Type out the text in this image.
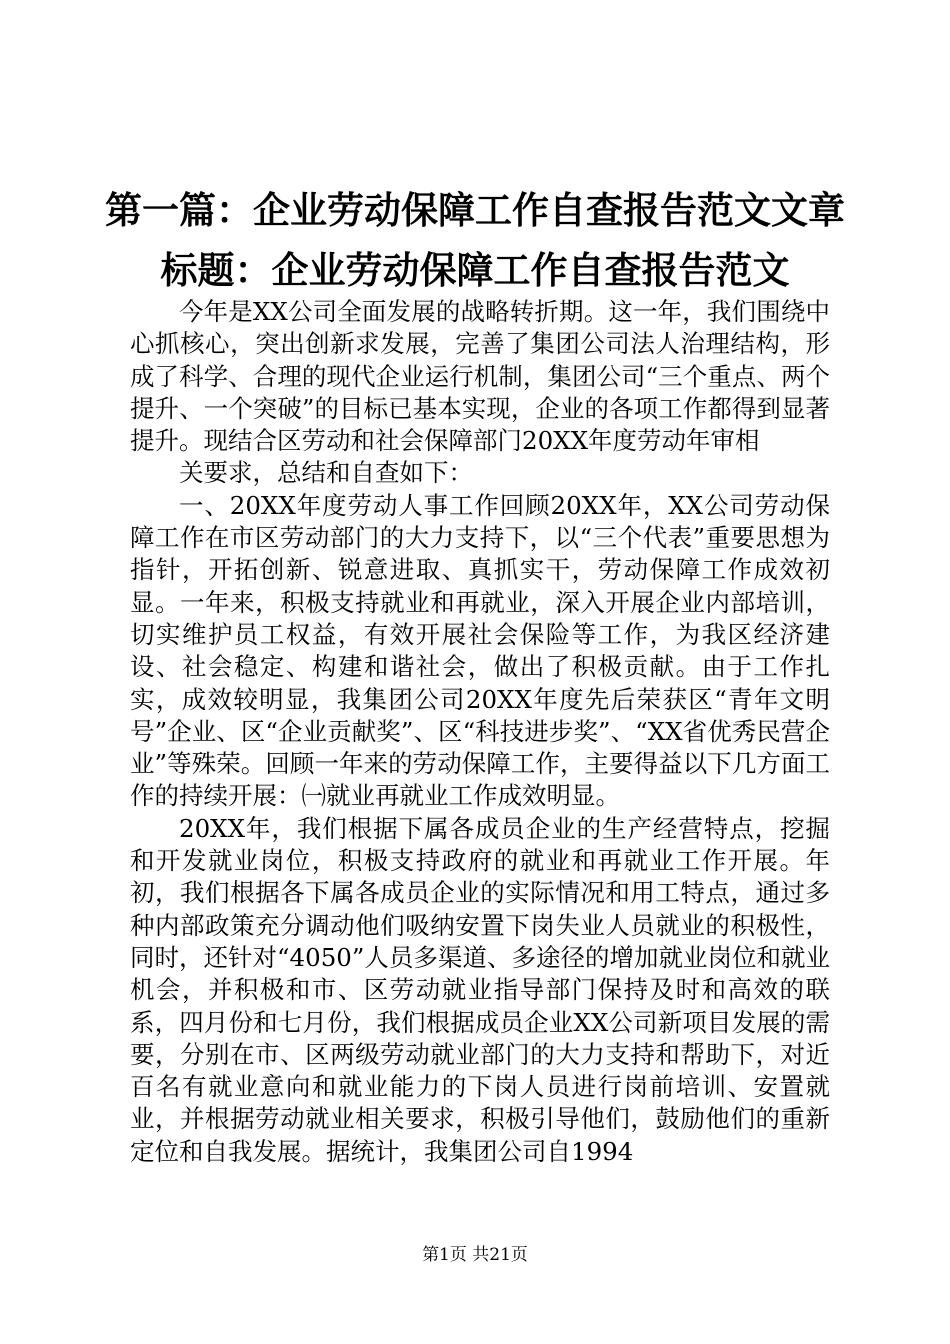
第一篇：企业劳动保障工作自查报告范文文章
标题：企业劳动保障工作自查报告范文

今年是XX公司全面发展的战略转折期。这一年，我们围绕中心抓核心，突出创新求发展，完善了集团公司法人治理结构，形成了科学、合理的现代企业运行机制，集团公司“三个重点、两个提升、一个突破”的目标已基本实现，企业的各项工作都得到显著提升。现结合区劳动和社会保障部门20XX年度劳动年审相

关要求，总结和自查如下：

一、20XX年度劳动人事工作回顾20XX年，XX公司劳动保障工作在市区劳动部门的大力支持下，以“三个代表”重要思想为指针，开拓创新、锐意进取、真抓实干，劳动保障工作成效初显。一年来，积极支持就业和再就业，深入开展企业内部培训，切实维护员工权益，有效开展社会保险等工作，为我区经济建设、社会稳定、构建和谐社会，做出了积极贡献。由于工作扎实，成效较明显，我集团公司20XX年度先后荣获区“青年文明号”企业、区“企业贡献奖”、区“科技进步奖”、“XX省优秀民营企业”等殊荣。回顾一年来的劳动保障工作，主要得益以下几方面工作的持续开展：㈠就业再就业工作成效明显。

20XX年，我们根据下属各成员企业的生产经营特点，挖掘和开发就业岗位，积极支持政府的就业和再就业工作开展。年初，我们根据各下属各成员企业的实际情况和用工特点，通过多种内部政策充分调动他们吸纳安置下岗失业人员就业的积极性，同时，还针对“4050”人员多渠道、多途径的增加就业岗位和就业机会，并积极和市、区劳动就业指导部门保持及时和高效的联系，四月份和七月份，我们根据成员企业XX公司新项目发展的需要，分别在市、区两级劳动就业部门的大力支持和帮助下，对近百名有就业意向和就业能力的下岗人员进行岗前培训、安置就业，并根据劳动就业相关要求，积极引导他们，鼓励他们的重新定位和自我发展。据统计，我集团公司自1994

第1页 共21页
